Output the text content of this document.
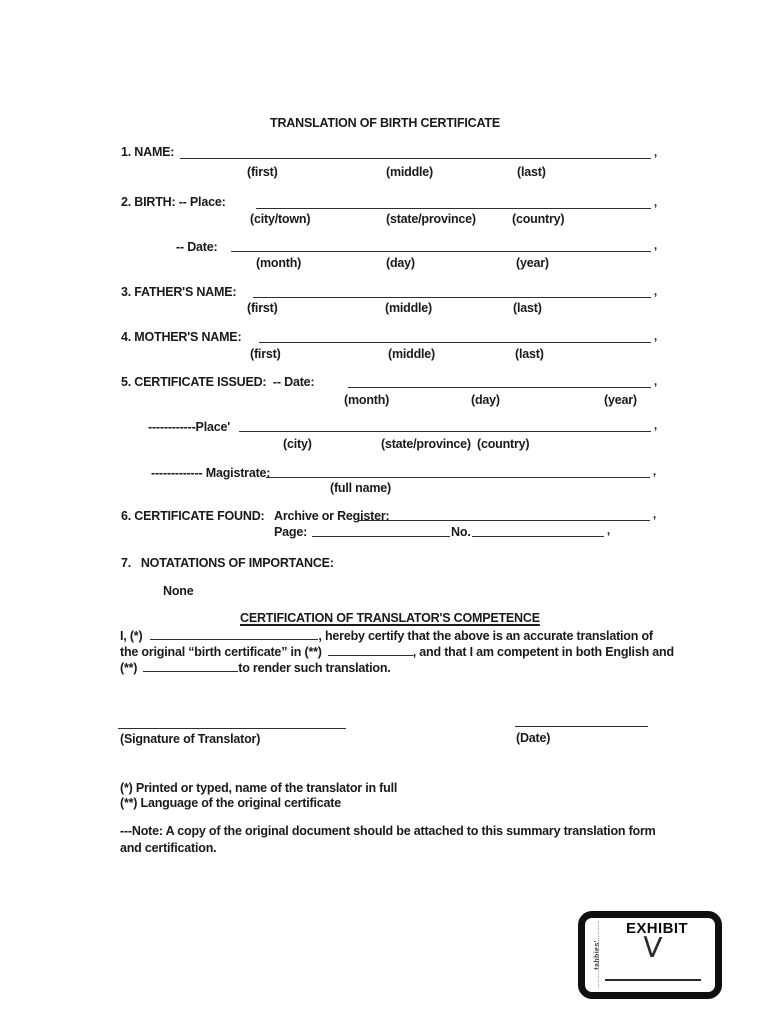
TRANSLATION OF BIRTH CERTIFICATE
1. NAME:
,
(first)	(middle)	(last)
2. BIRTH: -- Place:
,
(city/town)	(state/province)	(country)
-- Date:
,
(month)	(day)	(year)
3. FATHER'S NAME:
,
(first)	(middle)	(last)
4. MOTHER'S NAME:
,
(first)	(middle)	(last)
5. CERTIFICATE ISSUED:  -- Date:
,
(month)	(day)	(year)
------------Place'
,
(city)	(state/province) (country)
------------- Magistrate:
,
(full name)
6. CERTIFICATE FOUND: Archive or Register:
,
Page:	No.
,
7.   NOTATATIONS OF IMPORTANCE:
None
CERTIFICATION OF TRANSLATOR'S COMPETENCE
I, (*)	, hereby certify that the above is an accurate translation of
the original “birth certificate” in (**)	, and that I am competent in both English and
(**)	to render such translation.
(Signature of Translator)	(Date)
(*) Printed or typed, name of the translator in full
(**) Language of the original certificate
---Note: A copy of the original document should be attached to this summary translation form
and certification.
tabbies'
EXHIBIT
V
